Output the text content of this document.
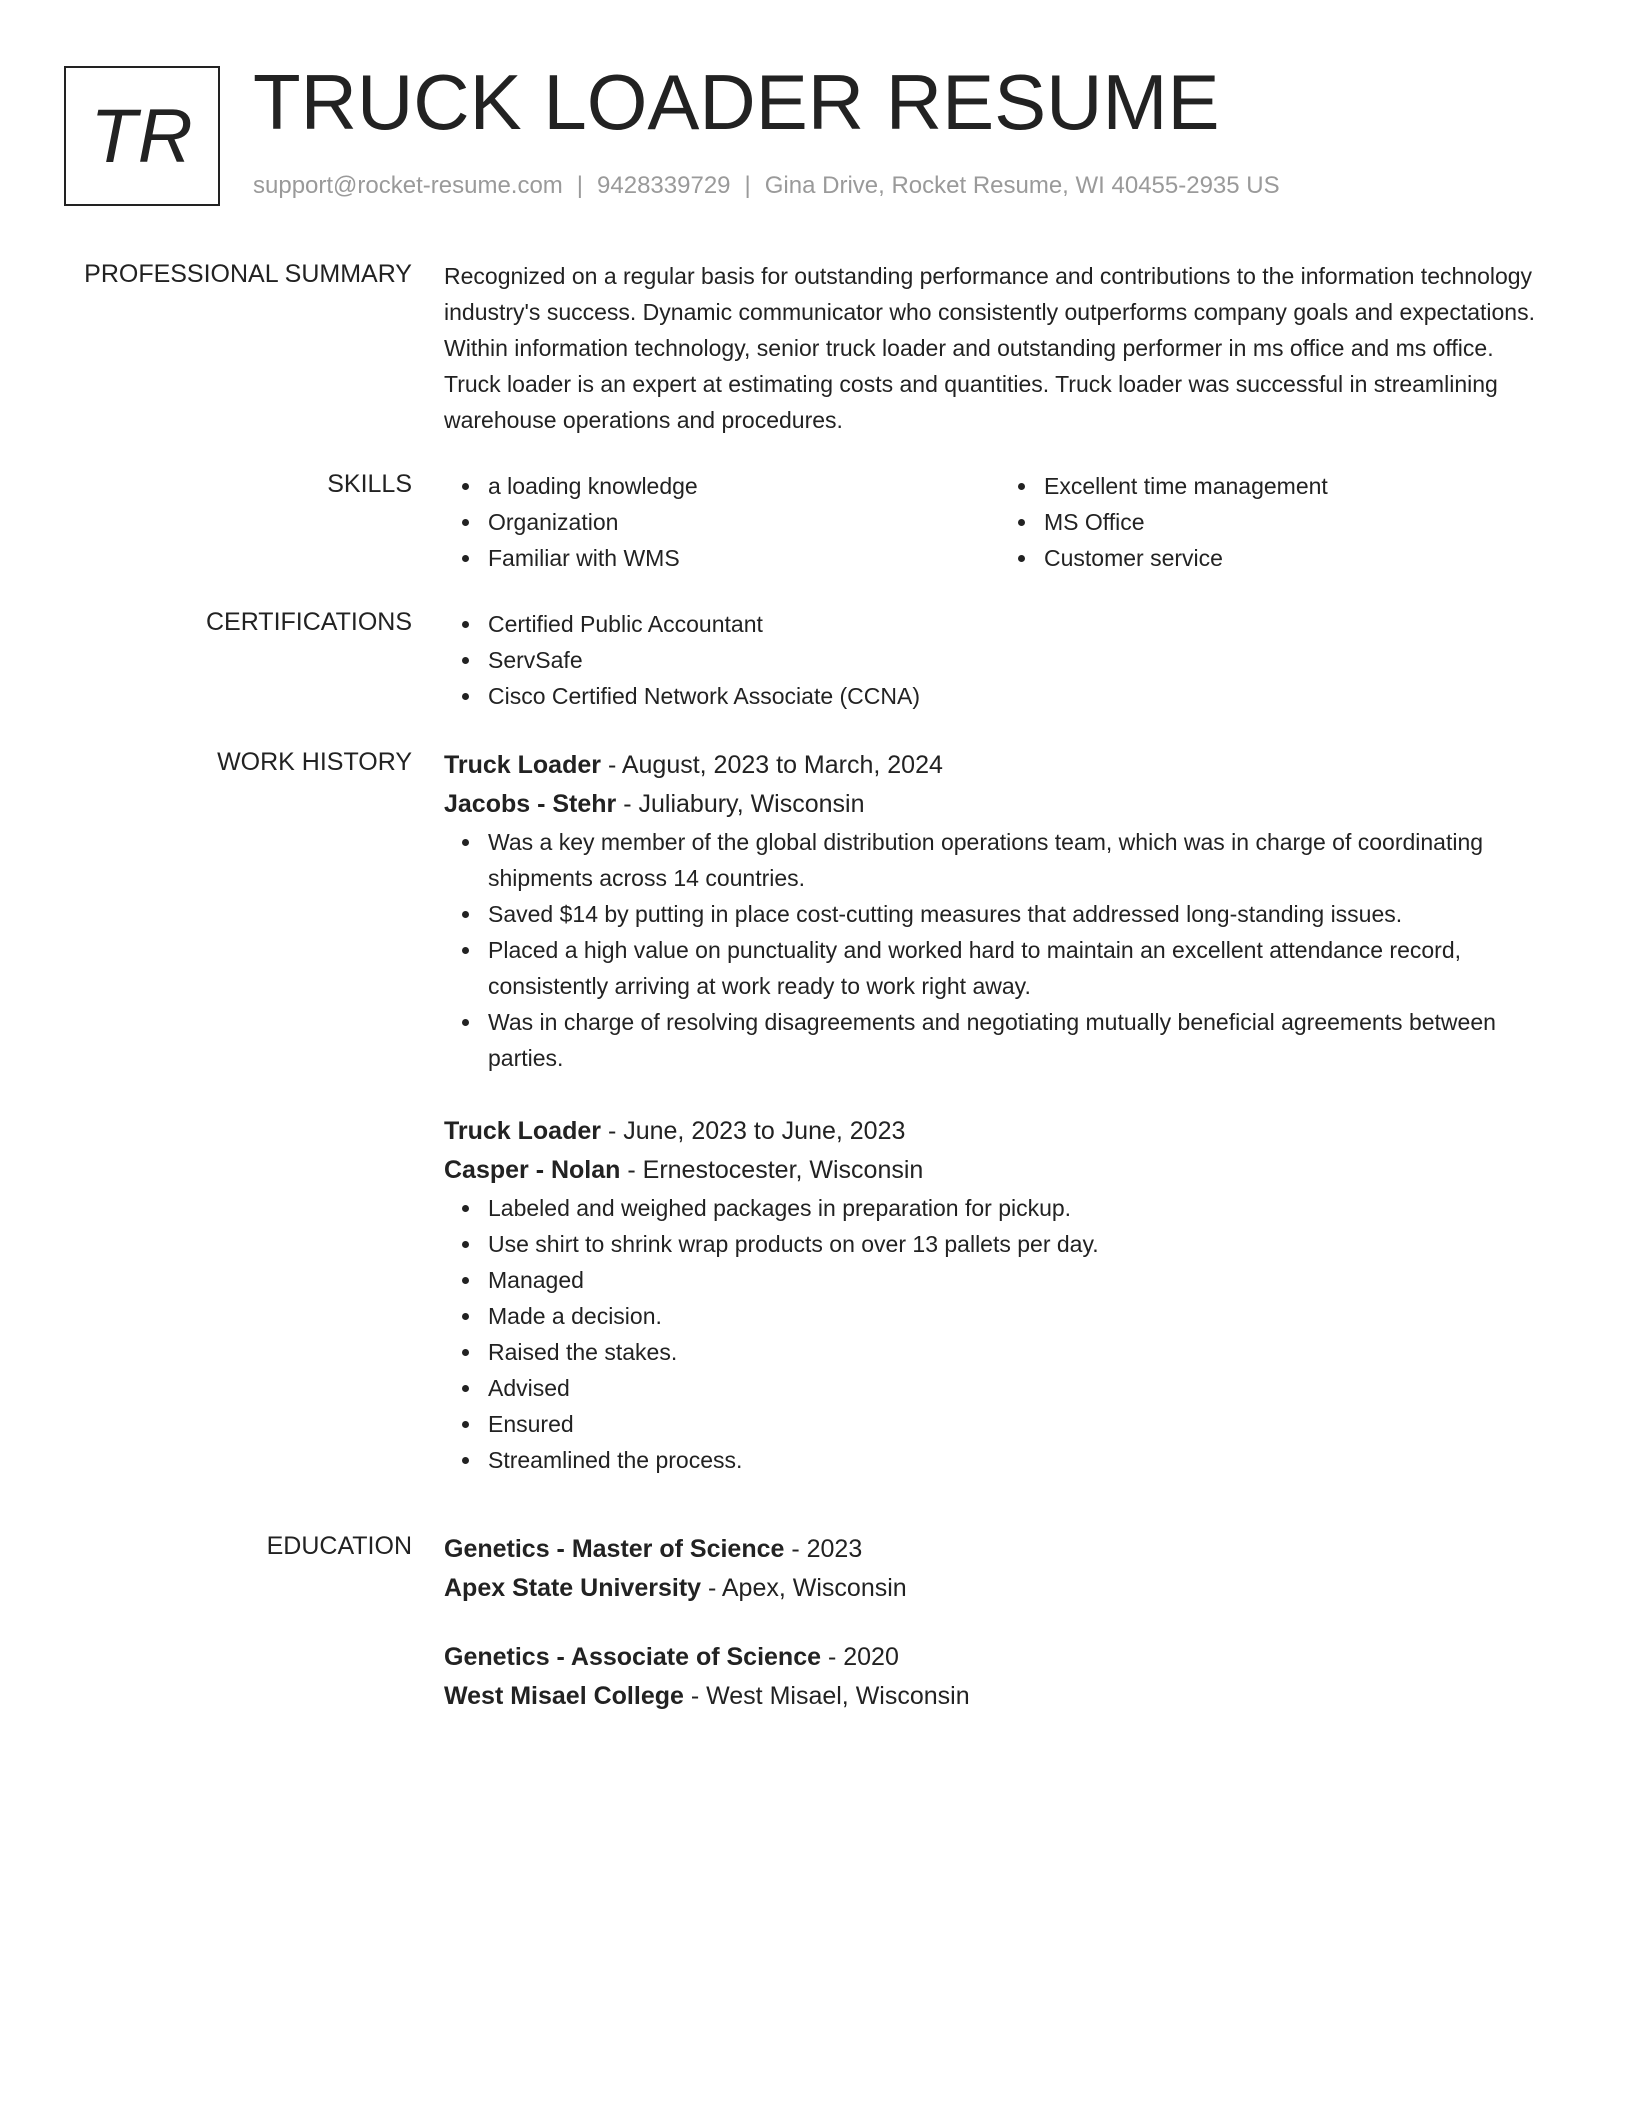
TR TRUCK LOADER RESUME
support@rocket-resume.com | 9428339729 | Gina Drive, Rocket Resume, WI 40455-2935 US
PROFESSIONAL SUMMARY Recognized on a regular basis for outstanding performance and contributions to the information technology industry's success. Dynamic communicator who consistently outperforms company goals and expectations. Within information technology, senior truck loader and outstanding performer in ms office and ms office. Truck loader is an expert at estimating costs and quantities. Truck loader was successful in streamlining warehouse operations and procedures.

SKILLS	a loading knowledge
Organization
Familiar with WMS
Excellent time management
MS Office
Customer service
CERTIFICATIONS	Certified Public Accountant
ServSafe
Cisco Certified Network Associate (CCNA)
WORK HISTORY Truck Loader - August, 2023 to March, 2024
Jacobs - Stehr - Juliabury, Wisconsin
Was a key member of the global distribution operations team, which was in charge of coordinating shipments across 14 countries.
Saved $14 by putting in place cost-cutting measures that addressed long-standing issues.
Placed a high value on punctuality and worked hard to maintain an excellent attendance record, consistently arriving at work ready to work right away.
Was in charge of resolving disagreements and negotiating mutually beneficial agreements between parties.
Truck Loader - June, 2023 to June, 2023
Casper - Nolan - Ernestocester, Wisconsin
Labeled and weighed packages in preparation for pickup.
Use shirt to shrink wrap products on over 13 pallets per day.
Managed
Made a decision.
Raised the stakes.
Advised
Ensured
Streamlined the process.
EDUCATION Genetics - Master of Science - 2023
Apex State University - Apex, Wisconsin
Genetics - Associate of Science - 2020
West Misael College - West Misael, Wisconsin
